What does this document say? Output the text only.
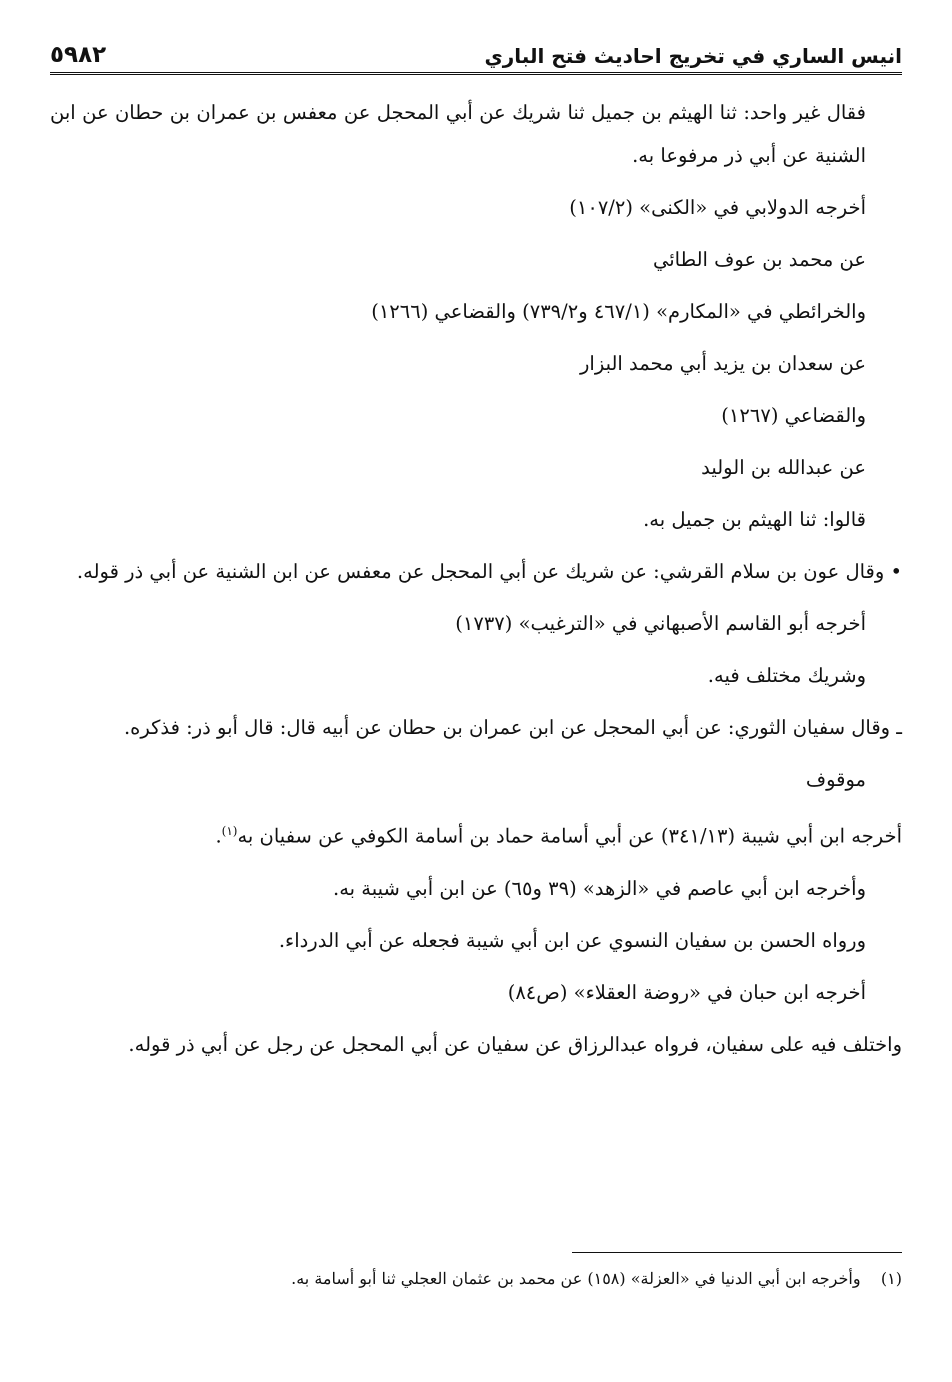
انيس الساري في تخريج احاديث فتح الباري
٥٩٨٢

فقال غير واحد: ثنا الهيثم بن جميل ثنا شريك عن أبي المحجل عن معفس بن عمران بن حطان عن ابن الشنية عن أبي ذر مرفوعا به.

أخرجه الدولابي في «الكنى» (١٠٧/٢)

عن محمد بن عوف الطائي

والخرائطي في «المكارم» (٤٦٧/١ و٧٣٩/٢) والقضاعي (١٢٦٦)

عن سعدان بن يزيد أبي محمد البزار

والقضاعي (١٢٦٧)

عن عبدالله بن الوليد

قالوا: ثنا الهيثم بن جميل به.

• وقال عون بن سلام القرشي: عن شريك عن أبي المحجل عن معفس عن ابن الشنية عن أبي ذر قوله.

أخرجه أبو القاسم الأصبهاني في «الترغيب» (١٧٣٧)

وشريك مختلف فيه.

ـ وقال سفيان الثوري: عن أبي المحجل عن ابن عمران بن حطان عن أبيه قال: قال أبو ذر: فذكره.

موقوف

أخرجه ابن أبي شيبة (٣٤١/١٣) عن أبي أسامة حماد بن أسامة الكوفي عن سفيان به$^{(١)}$.

وأخرجه ابن أبي عاصم في «الزهد» (٣٩ و٦٥) عن ابن أبي شيبة به.

ورواه الحسن بن سفيان النسوي عن ابن أبي شيبة فجعله عن أبي الدرداء.

أخرجه ابن حبان في «روضة العقلاء» (ص٨٤)

واختلف فيه على سفيان، فرواه عبدالرزاق عن سفيان عن أبي المحجل عن رجل عن أبي ذر قوله.

(١)    وأخرجه ابن أبي الدنيا في «العزلة» (١٥٨) عن محمد بن عثمان العجلي ثنا أبو أسامة به.
